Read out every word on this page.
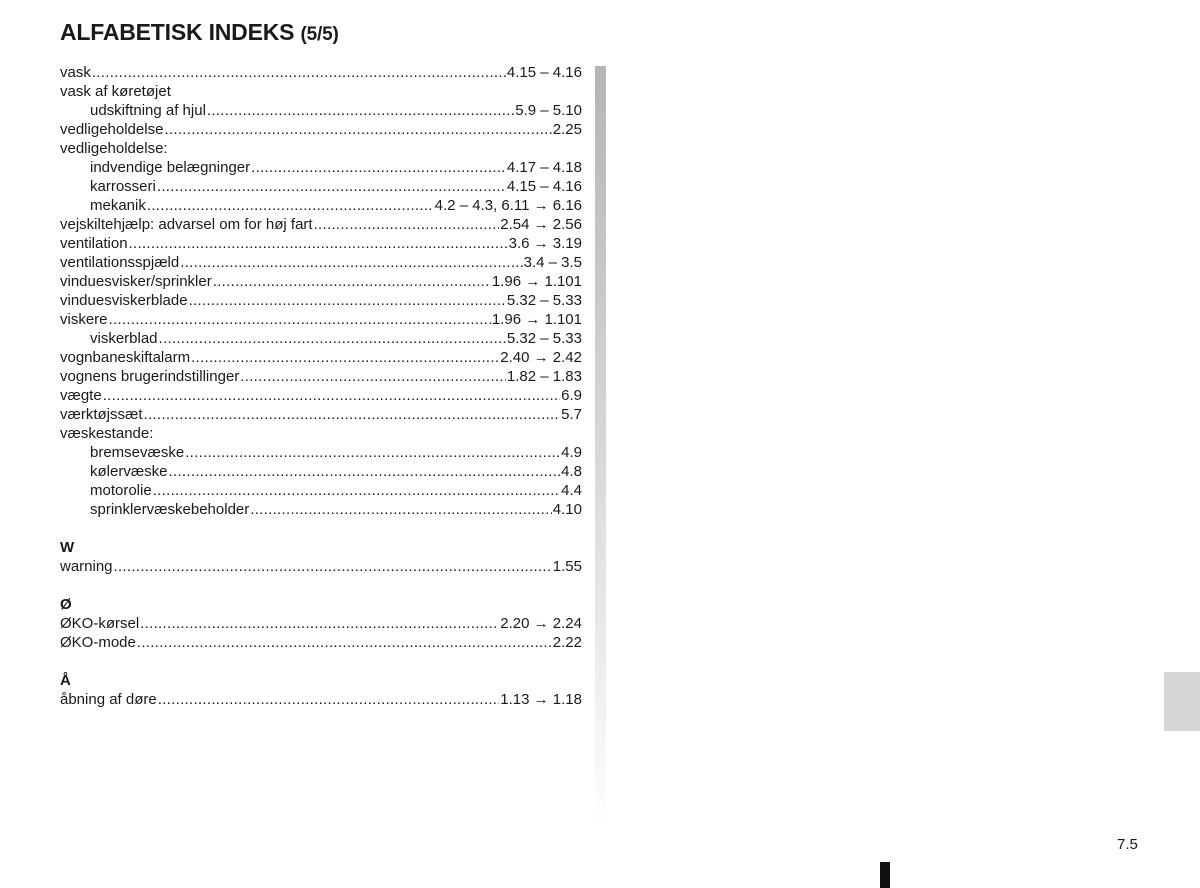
ALFABETISK INDEKS (5/5)
vask .....	4.15 – 4.16
vask af køretøjet
udskiftning af hjul .....	5.9 – 5.10
vedligeholdelse .....	2.25
vedligeholdelse:
indvendige belægninger .....	4.17 – 4.18
karrosseri .....	4.15 – 4.16
mekanik .....	4.2 – 4.3, 6.11 → 6.16
vejskiltehjælp: advarsel om for høj fart .....	2.54 → 2.56
ventilation .....	3.6 → 3.19
ventilationsspjæld .....	3.4 – 3.5
vinduesvisker/sprinkler .....	1.96 → 1.101
vinduesviskerblade .....	5.32 – 5.33
viskere .....	1.96 → 1.101
viskerblad .....	5.32 – 5.33
vognbaneskiftalarm .....	2.40 → 2.42
vognens brugerindstillinger .....	1.82 – 1.83
vægte .....	6.9
værktøjssæt .....	5.7
væskestande:
bremsevæske .....	4.9
kølervæske .....	4.8
motorolie .....	4.4
sprinklervæskebeholder .....	4.10
W
warning .....	1.55
Ø
ØKO-kørsel .....	2.20 → 2.24
ØKO-mode .....	2.22
Å
åbning af døre .....	1.13 → 1.18
7.5
